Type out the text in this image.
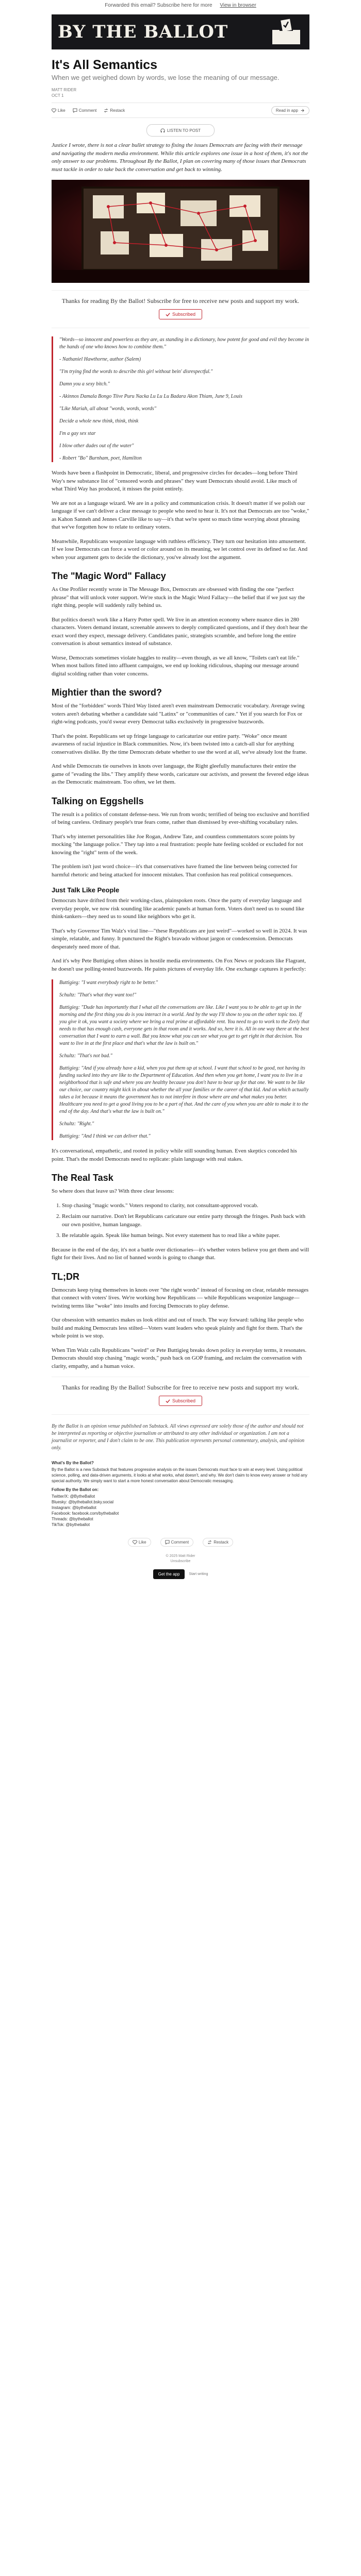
Forwarded this email? Subscribe here for more View in browser
BY THE BALLOT
It's All Semantics
When we get weighed down by words, we lose the meaning of our message.
MATT RIDER
OCT 1
Like	Comment	Restack	Read in app
LISTEN TO POST

Justice I wrote, there is not a clear bullet strategy to fixing the issues Democrats are facing with their message and navigating the modern media environment. While this article explores one issue in a host of them, it's not the only answer to our problems. Throughout By the Ballot, I plan on covering many of those issues that Democrats must tackle in order to take back the conversation and get back to winning.

Thanks for reading By the Ballot! Subscribe for free to receive new posts and support my work.
Subscribed

"Words—so innocent and powerless as they are, as standing in a dictionary, how potent for good and evil they become in the hands of one who knows how to combine them."

- Nathaniel Hawthorne, author (Salem)

"I'm trying find the words to describe this girl without bein' disrespectful."

Damn you a sexy bitch."

- Akinnos Damala Bongo Tiive Puru Nacka Lu Lu Lu Badara Akon Thiam, June 9, Louis

"Like Mariah, all about "words, words, words"

Decide a whole new think, think, think

I'm a gay sex star

I blow other dudes out of the water"

- Robert "Bo" Burnham, poet, Hamilton

Words have been a flashpoint in Democratic, liberal, and progressive circles for decades—long before Third Way's new substance list of "censored words and phrases" they want Democrats should avoid. Like much of what Third Way has produced, it misses the point entirely.

We are not as a language wizard. We are in a policy and communication crisis. It doesn't matter if we polish our language if we can't deliver a clear message to people who need to hear it. It's not that Democrats are too "woke," as Kahon Sanneh and Jennes Carville like to say—it's that we're spent so much time worrying about phrasing that we've forgotten how to relate to ordinary voters.

Meanwhile, Republicans weaponize language with ruthless efficiency. They turn our hesitation into amusement. If we lose Democrats can force a word or color around on its meaning, we let control over its defined so far. And when your argument gets to decide the dictionary, you've already lost the argument.

The "Magic Word" Fallacy

As One Profiler recently wrote in The Message Box, Democrats are obsessed with finding the one "perfect phrase" that will unlock voter support. We're stuck in the Magic Word Fallacy—the belief that if we just say the right thing, people will suddenly rally behind us.

But politics doesn't work like a Harry Potter spell. We live in an attention economy where nuance dies in 280 characters. Voters demand instant, screenable answers to deeply complicated questions, and if they don't hear the exact word they expect, message delivery. Candidates panic, strategists scramble, and before long the entire conversation is about semantics instead of substance.

Worse, Democrats sometimes violate haggles to reality—even though, as we all know, "Toilets can't eat life." When most ballots fitted into affluent campaigns, we end up looking ridiculous, shaping our message around digital scolding rather than voter concerns.

Mightier than the sword?

Most of the "forbidden" words Third Way listed aren't even mainstream Democratic vocabulary. Average swing voters aren't debating whether a candidate said "Latinx" or "communities of care." Yet if you search for Fox or right-wing podcasts, you'd swear every Democrat talks exclusively in progressive buzzwords.

That's the point. Republicans set up fringe language to caricaturize our entire party. "Woke" once meant awareness of racial injustice in Black communities. Now, it's been twisted into a catch-all slur for anything conservatives dislike. By the time Democrats debate whether to use the word at all, we've already lost the frame.

And while Democrats tie ourselves in knots over language, the Right gleefully manufactures their entire the game of "evading the libs." They amplify these words, caricature our activists, and present the fevered edge ideas as the Democratic mainstream. Too often, we let them.

Talking on Eggshells

The result is a politics of constant defense-ness. We run from words; terrified of being too exclusive and horrified of being careless. Ordinary people's true fears come, rather than dismissed by ever-shifting vocabulary rules.

That's why internet personalities like Joe Rogan, Andrew Tate, and countless commentators score points by mocking "the language police." They tap into a real frustration: people hate feeling scolded or excluded for not knowing the "right" term of the week.

The problem isn't just word choice—it's that conservatives have framed the line between being corrected for harmful rhetoric and being attacked for innocent mistakes. That confusion has real political consequences.

Just Talk Like People

Democrats have drifted from their working-class, plainspoken roots. Once the party of everyday language and everyday people, we now risk sounding like academic panels at human form. Voters don't need us to sound like think-tankers—they need us to sound like neighbors who get it.

That's why Governor Tim Walz's viral line—"these Republicans are just weird"—worked so well in 2024. It was simple, relatable, and funny. It punctured the Right's bravado without jargon or condescension. Democrats desperately need more of that.

And it's why Pete Buttigieg often shines in hostile media environments. On Fox News or podcasts like Flagrant, he doesn't use polling-tested buzzwords. He paints pictures of everyday life. One exchange captures it perfectly:

Buttigieg: "I want everybody right to be better."

Schultz: "That's what they want too!"

Buttigieg: "Dude has importantly that I what all the conversations are like. Like I want you to be able to get up in the morning and the first thing you do is you interact in a world. And by the way I'll show to you on the other topic too. If you give it ok, you want a society where we bring a real prime at affordable rent. You need to go to work to the Zeely that needs to that has enough cash, everyone gets in that room and it works. And so, here it is. All in one way there at the best conversation that I want to earn a wall. But you know what you can see what you get to get right in that decision. You want to live in at the first place and that's what the law is built on."

Schultz: "That's not bad."

Buttigieg: "And if you already have a kid, when you put them up at school. I want that school to be good, not having its funding sucked into they are like to the Department of Education. And then when you get home, I want you to live in a neighborhood that is safe and where you are healthy because you don't have to bear up for that one. We want to be like our choice, our country might kick in about whether the all your families or the career of that kid. And on which actually takes a lot because it means the government has to not interfere in those where are and what makes you better. Healthcare you need to get a good living you to be a part of that. And the care of you when you are able to make it to the end of the day. And that's what the law is built on."

Schultz: "Right."

Buttigieg: "And I think we can deliver that."

It's conversational, empathetic, and rooted in policy while still sounding human. Even skeptics conceded his point. That's the model Democrats need to replicate: plain language with real stakes.

The Real Task

So where does that leave us? With three clear lessons:

1. Stop chasing "magic words." Voters respond to clarity, not consultant-approved vocab.
2. Reclaim our narrative. Don't let Republicans caricature our entire party through the fringes. Push back with our own positive, human language.
3. Be relatable again. Speak like human beings. Not every statement has to read like a white paper.

Because in the end of the day, it's not a battle over dictionaries—it's whether voters believe you get them and will fight for their lives. And no list of banned words is going to change that.

TL;DR

Democrats keep tying themselves in knots over "the right words" instead of focusing on clear, relatable messages that connect with voters' lives. We're working how Republicans — while Republicans weaponize language—twisting terms like "woke" into insults and forcing Democrats to play defense.

Our obsession with semantics makes us look elitist and out of touch. The way forward: talking like people who build and making Democrats less stilted—Voters want leaders who speak plainly and fight for them. That's the whole point is we stop.

When Tim Walz calls Republicans "weird" or Pete Buttigieg breaks down policy in everyday terms, it resonates. Democrats should stop chasing "magic words," push back on GOP framing, and reclaim the conversation with clarity, empathy, and a human voice.

Thanks for reading By the Ballot! Subscribe for free to receive new posts and support my work.
Subscribed

By the Ballot is an opinion venue published on Substack. All views expressed are solely those of the author and should not be interpreted as reporting or objective journalism or attributed to any other individual or organization. I am not a journalist or reporter, and I don't claim to be one. This publication represents personal commentary, analysis, and opinion only.

What's By the Ballot?

By the Ballot is a new Substack that features progressive analysis on the issues Democrats must face to win at every level. Using political science, polling, and data-driven arguments, it looks at what works, what doesn't, and why. We don't claim to know every answer or hold any special authority. We simply want to start a more honest conversation about Democratic messaging.

Follow By the Ballot on:

Twitter/X: @BytheBallot

Bluesky: @bytheballot.bsky.social

Instagram: @bytheballot

Facebook: facebook.com/bytheballot

Threads: @bytheballot

TikTok: @bytheballot

Like	Comment	Restack
© 2025 Matt Rider
Unsubscribe
Get the app	Start writing
